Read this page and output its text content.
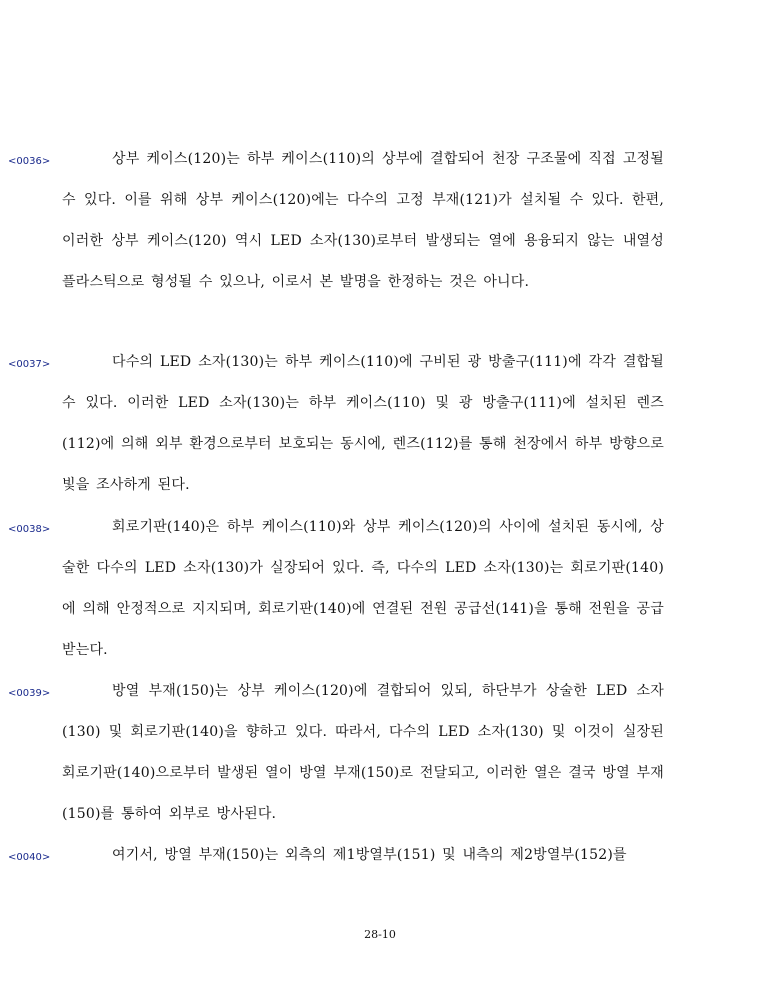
<0036>	상부 케이스(120)는 하부 케이스(110)의 상부에 결합되어 천장 구조물에 직접 고정될 수 있다. 이를 위해 상부 케이스(120)에는 다수의 고정 부재(121)가 설치될 수 있다. 한편, 이러한 상부 케이스(120) 역시 LED 소자(130)로부터 발생되는 열에 용융되지 않는 내열성 플라스틱으로 형성될 수 있으나, 이로서 본 발명을 한정하는 것은 아니다.

<0037>	다수의 LED 소자(130)는 하부 케이스(110)에 구비된 광 방출구(111)에 각각 결합될 수 있다. 이러한 LED 소자(130)는 하부 케이스(110) 및 광 방출구(111)에 설치된 렌즈(112)에 의해 외부 환경으로부터 보호되는 동시에, 렌즈(112)를 통해 천장에서 하부 방향으로 빛을 조사하게 된다.

<0038>	회로기판(140)은 하부 케이스(110)와 상부 케이스(120)의 사이에 설치된 동시에, 상술한 다수의 LED 소자(130)가 실장되어 있다. 즉, 다수의 LED 소자(130)는 회로기판(140)에 의해 안정적으로 지지되며, 회로기판(140)에 연결된 전원 공급선(141)을 통해 전원을 공급받는다.

<0039>	방열 부재(150)는 상부 케이스(120)에 결합되어 있되, 하단부가 상술한 LED 소자(130) 및 회로기판(140)을 향하고 있다. 따라서, 다수의 LED 소자(130) 및 이것이 실장된 회로기판(140)으로부터 발생된 열이 방열 부재(150)로 전달되고, 이러한 열은 결국 방열 부재(150)를 통하여 외부로 방사된다.

<0040>	여기서, 방열 부재(150)는 외측의 제1방열부(151) 및 내측의 제2방열부(152)를

28-10
